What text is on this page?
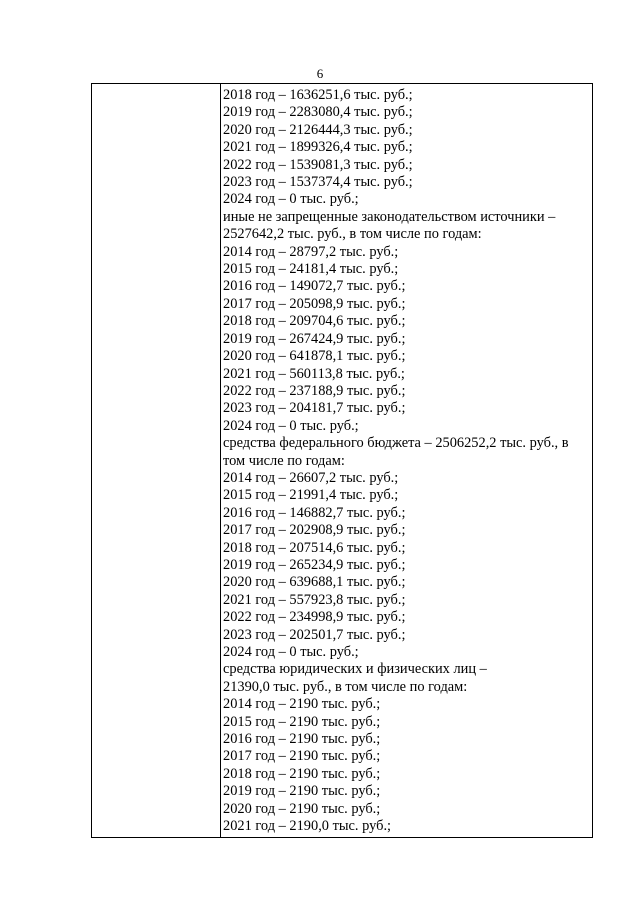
6
2018 год – 1636251,6 тыс. руб.;
2019 год – 2283080,4 тыс. руб.;
2020 год – 2126444,3 тыс. руб.;
2021 год – 1899326,4 тыс. руб.;
2022 год – 1539081,3 тыс. руб.;
2023 год – 1537374,4 тыс. руб.;
2024 год – 0 тыс. руб.;
иные не запрещенные законодательством источники –
2527642,2 тыс. руб., в том числе по годам:
2014 год – 28797,2 тыс. руб.;
2015 год – 24181,4 тыс. руб.;
2016 год – 149072,7 тыс. руб.;
2017 год – 205098,9 тыс. руб.;
2018 год – 209704,6 тыс. руб.;
2019 год – 267424,9 тыс. руб.;
2020 год – 641878,1 тыс. руб.;
2021 год – 560113,8 тыс. руб.;
2022 год – 237188,9 тыс. руб.;
2023 год – 204181,7 тыс. руб.;
2024 год – 0 тыс. руб.;
средства федерального бюджета – 2506252,2 тыс. руб., в
том числе по годам:
2014 год – 26607,2 тыс. руб.;
2015 год – 21991,4 тыс. руб.;
2016 год – 146882,7 тыс. руб.;
2017 год – 202908,9 тыс. руб.;
2018 год – 207514,6 тыс. руб.;
2019 год – 265234,9 тыс. руб.;
2020 год – 639688,1 тыс. руб.;
2021 год – 557923,8 тыс. руб.;
2022 год – 234998,9 тыс. руб.;
2023 год – 202501,7 тыс. руб.;
2024 год – 0 тыс. руб.;
средства юридических и физических лиц –
21390,0 тыс. руб., в том числе по годам:
2014 год – 2190 тыс. руб.;
2015 год – 2190 тыс. руб.;
2016 год – 2190 тыс. руб.;
2017 год – 2190 тыс. руб.;
2018 год – 2190 тыс. руб.;
2019 год – 2190 тыс. руб.;
2020 год – 2190 тыс. руб.;
2021 год – 2190,0 тыс. руб.;
